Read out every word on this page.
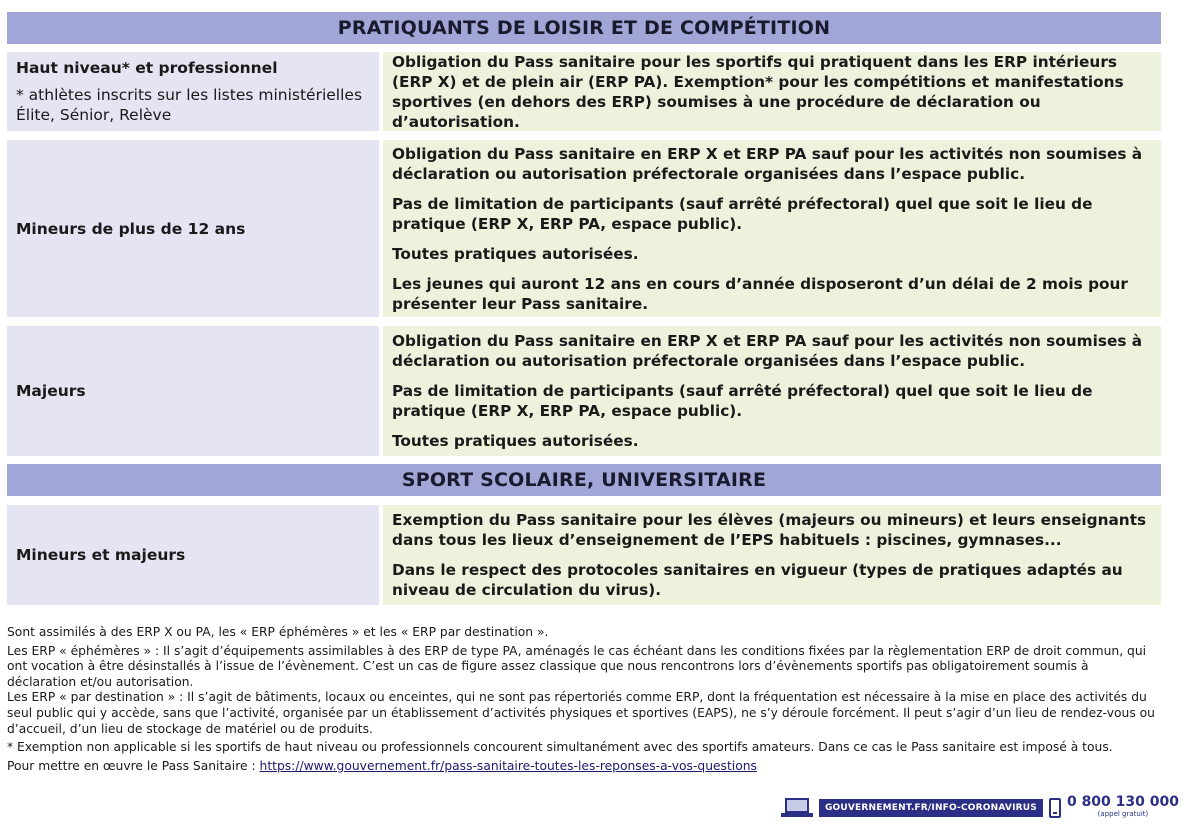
PRATIQUANTS DE LOISIR ET DE COMPÉTITION
Haut niveau* et professionnel
* athlètes inscrits sur les listes ministérielles Élite, Sénior, Relève

Obligation du Pass sanitaire pour les sportifs qui pratiquent dans les ERP intérieurs (ERP X) et de plein air (ERP PA). Exemption* pour les compétitions et manifestations sportives (en dehors des ERP) soumises à une procédure de déclaration ou d’autorisation.

Mineurs de plus de 12 ans

Obligation du Pass sanitaire en ERP X et ERP PA sauf pour les activités non soumises à déclaration ou autorisation préfectorale organisées dans l’espace public.

Pas de limitation de participants (sauf arrêté préfectoral) quel que soit le lieu de pratique (ERP X, ERP PA, espace public).

Toutes pratiques autorisées.

Les jeunes qui auront 12 ans en cours d’année disposeront d’un délai de 2 mois pour présenter leur Pass sanitaire.

Majeurs

Obligation du Pass sanitaire en ERP X et ERP PA sauf pour les activités non soumises à déclaration ou autorisation préfectorale organisées dans l’espace public.

Pas de limitation de participants (sauf arrêté préfectoral) quel que soit le lieu de pratique (ERP X, ERP PA, espace public).

Toutes pratiques autorisées.

SPORT SCOLAIRE, UNIVERSITAIRE
Mineurs et majeurs

Exemption du Pass sanitaire pour les élèves (majeurs ou mineurs) et leurs enseignants dans tous les lieux d’enseignement de l’EPS habituels : piscines, gymnases...

Dans le respect des protocoles sanitaires en vigueur (types de pratiques adaptés au niveau de circulation du virus).

Sont assimilés à des ERP X ou PA, les « ERP éphémères » et les « ERP par destination ».

Les ERP « éphémères » : Il s’agit d’équipements assimilables à des ERP de type PA, aménagés le cas échéant dans les conditions fixées par la règlementation ERP de droit commun, qui ont vocation à être désinstallés à l’issue de l’évènement. C’est un cas de figure assez classique que nous rencontrons lors d’évènements sportifs pas obligatoirement soumis à déclaration et/ou autorisation.

Les ERP « par destination » : Il s’agit de bâtiments, locaux ou enceintes, qui ne sont pas répertoriés comme ERP, dont la fréquentation est nécessaire à la mise en place des activités du seul public qui y accède, sans que l’activité, organisée par un établissement d’activités physiques et sportives (EAPS), ne s’y déroule forcément. Il peut s’agir d’un lieu de rendez-vous ou d’accueil, d’un lieu de stockage de matériel ou de produits.

* Exemption non applicable si les sportifs de haut niveau ou professionnels concourent simultanément avec des sportifs amateurs. Dans ce cas le Pass sanitaire est imposé à tous.

Pour mettre en œuvre le Pass Sanitaire : https://www.gouvernement.fr/pass-sanitaire-toutes-les-reponses-a-vos-questions

GOUVERNEMENT.FR/INFO-CORONAVIRUS	0 800 130 000
(appel gratuit)
